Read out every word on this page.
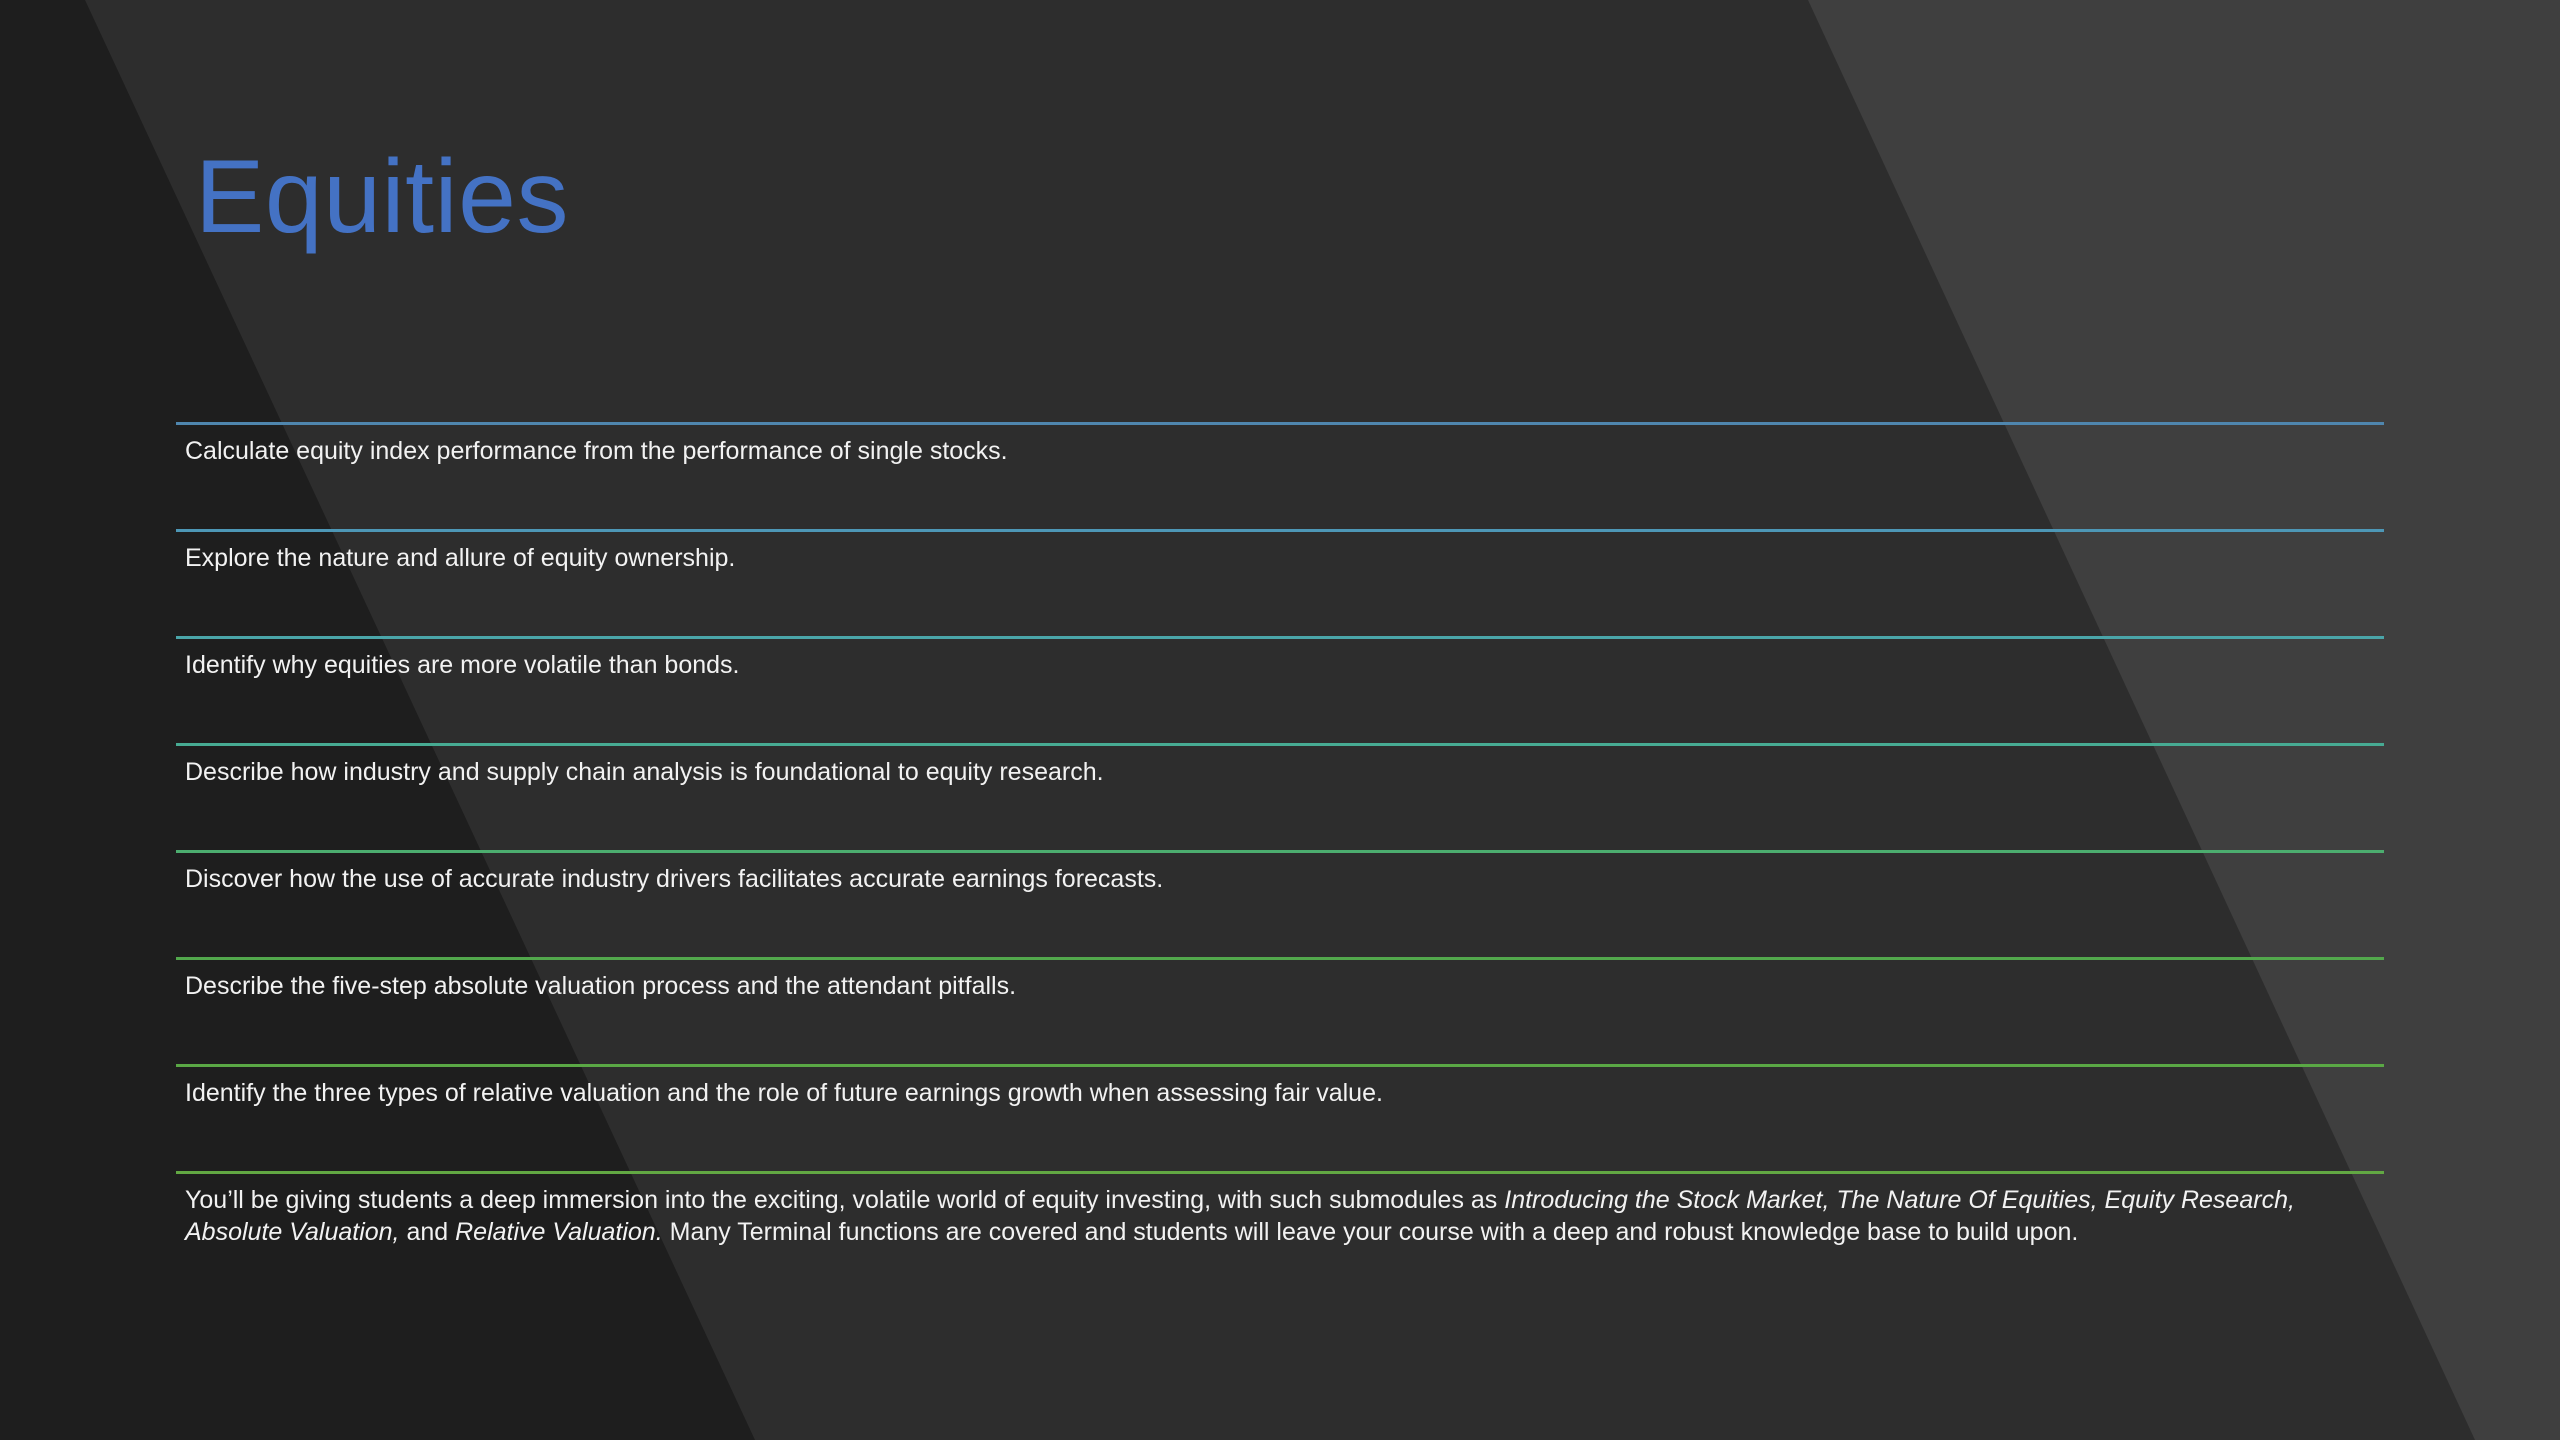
Equities
Calculate equity index performance from the performance of single stocks.
Explore the nature and allure of equity ownership.
Identify why equities are more volatile than bonds.
Describe how industry and supply chain analysis is foundational to equity research.
Discover how the use of accurate industry drivers facilitates accurate earnings forecasts.
Describe the five-step absolute valuation process and the attendant pitfalls.
Identify the three types of relative valuation and the role of future earnings growth when assessing fair value.
You’ll be giving students a deep immersion into the exciting, volatile world of equity investing, with such submodules as Introducing the Stock Market, The Nature Of Equities, Equity Research, Absolute Valuation, and Relative Valuation. Many Terminal functions are covered and students will leave your course with a deep and robust knowledge base to build upon.
